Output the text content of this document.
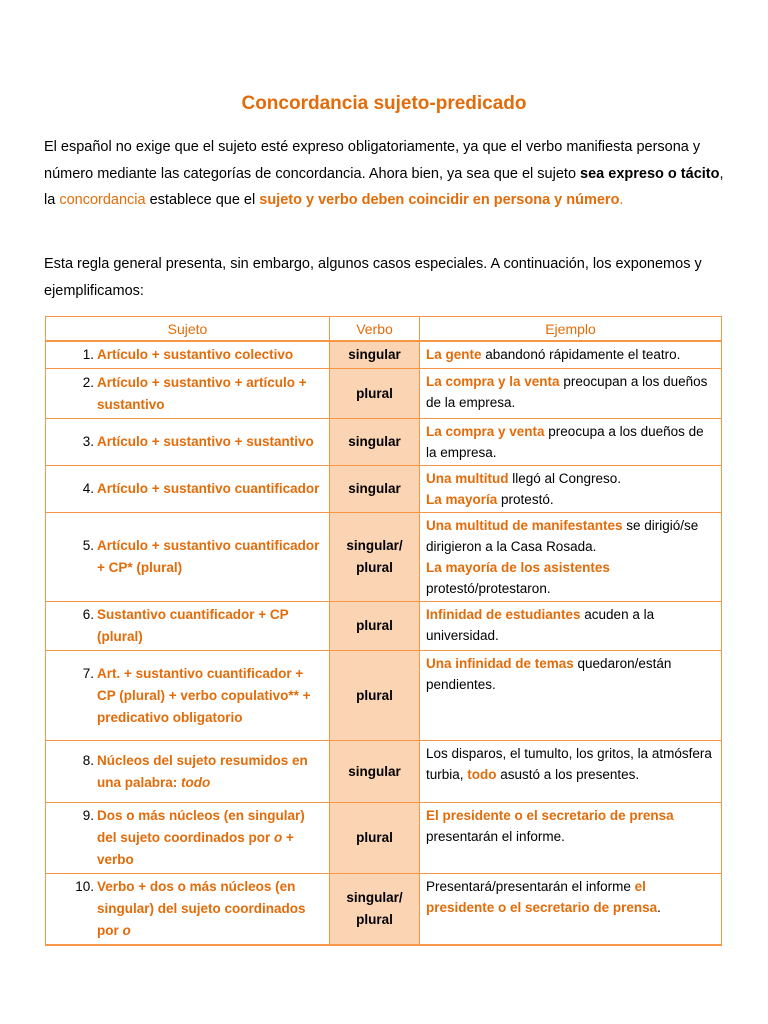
Concordancia sujeto-predicado

El español no exige que el sujeto esté expreso obligatoriamente, ya que el verbo manifiesta persona y número mediante las categorías de concordancia. Ahora bien, ya sea que el sujeto sea expreso o tácito, la concordancia establece que el sujeto y verbo deben coincidir en persona y número.

Esta regla general presenta, sin embargo, algunos casos especiales. A continuación, los exponemos y ejemplificamos:

Sujeto	Verbo	Ejemplo

1. Artículo + sustantivo colectivo	singular	La gente abandonó rápidamente el teatro.

2. Artículo + sustantivo + artículo + sustantivo	plural	La compra y la venta preocupan a los dueños de la empresa.

3. Artículo + sustantivo + sustantivo	singular	La compra y venta preocupa a los dueños de la empresa.

4. Artículo + sustantivo cuantificador	singular	Una multitud llegó al Congreso.
La mayoría protestó.

5. Artículo + sustantivo cuantificador + CP* (plural)	singular/ plural	Una multitud de manifestantes se dirigió/se dirigieron a la Casa Rosada.
La mayoría de los asistentes protestó/protestaron.

6. Sustantivo cuantificador + CP (plural)	plural	Infinidad de estudiantes acuden a la universidad.

7. Art. + sustantivo cuantificador + CP (plural) + verbo copulativo** + predicativo obligatorio	plural	Una infinidad de temas quedaron/están pendientes.

8. Núcleos del sujeto resumidos en una palabra: todo	singular	Los disparos, el tumulto, los gritos, la atmósfera turbia, todo asustó a los presentes.

9. Dos o más núcleos (en singular) del sujeto coordinados por o + verbo	plural	El presidente o el secretario de prensa
presentarán el informe.

10. Verbo + dos o más núcleos (en singular) del sujeto coordinados por o	singular/ plural	Presentará/presentarán el informe el presidente o el secretario de prensa.
